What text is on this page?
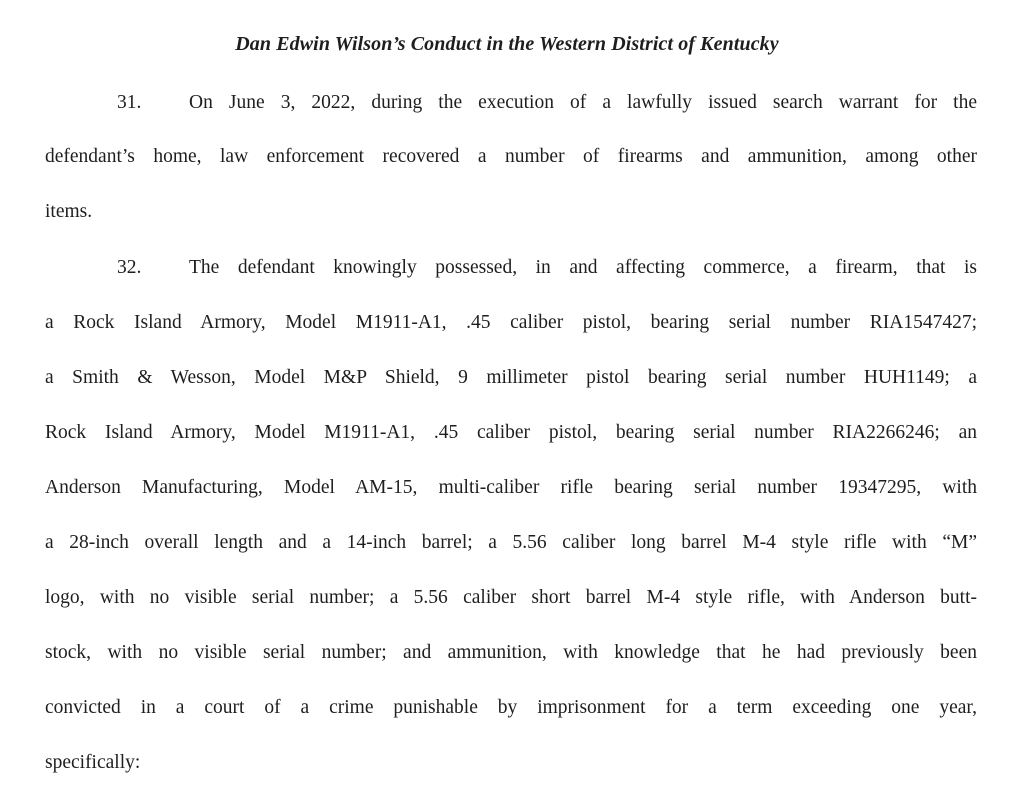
Dan Edwin Wilson’s Conduct in the Western District of Kentucky
31. On June 3, 2022, during the execution of a lawfully issued search warrant for the
defendant’s home, law enforcement recovered a number of firearms and ammunition, among other
items.
32. The defendant knowingly possessed, in and affecting commerce, a firearm, that is
a Rock Island Armory, Model M1911-A1, .45 caliber pistol, bearing serial number RIA1547427;
a Smith & Wesson, Model M&P Shield, 9 millimeter pistol bearing serial number HUH1149; a
Rock Island Armory, Model M1911-A1, .45 caliber pistol, bearing serial number RIA2266246; an
Anderson Manufacturing, Model AM-15, multi-caliber rifle bearing serial number 19347295, with
a 28-inch overall length and a 14-inch barrel; a 5.56 caliber long barrel M-4 style rifle with “M”
logo, with no visible serial number; a 5.56 caliber short barrel M-4 style rifle, with Anderson butt-
stock, with no visible serial number; and ammunition, with knowledge that he had previously been
convicted in a court of a crime punishable by imprisonment for a term exceeding one year,
specifically:
